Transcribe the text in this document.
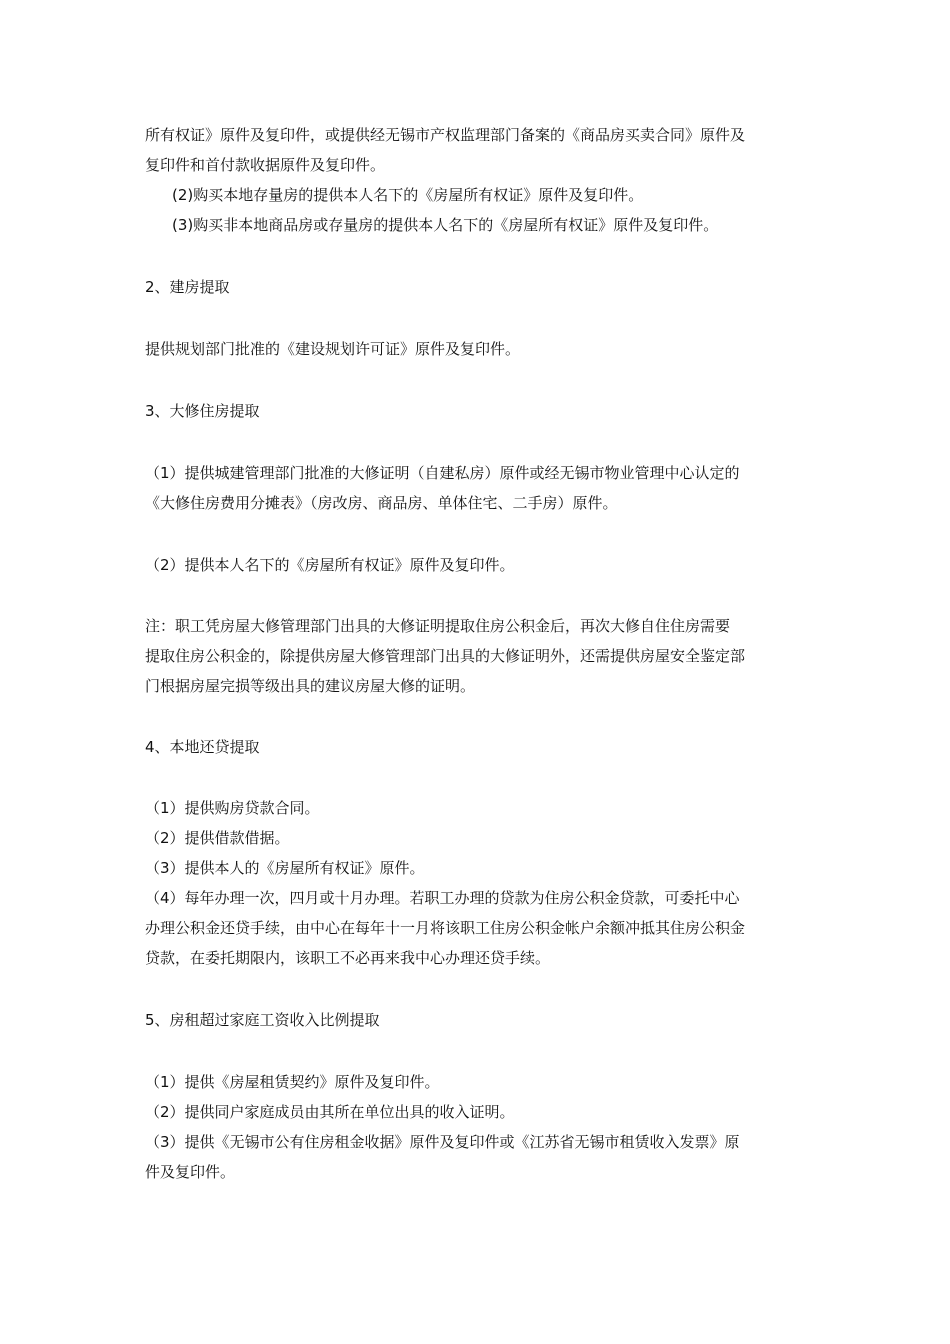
所有权证》原件及复印件，或提供经无锡市产权监理部门备案的《商品房买卖合同》原件及
复印件和首付款收据原件及复印件。
(2)购买本地存量房的提供本人名下的《房屋所有权证》原件及复印件。
(3)购买非本地商品房或存量房的提供本人名下的《房屋所有权证》原件及复印件。
2、建房提取
提供规划部门批准的《建设规划许可证》原件及复印件。
3、大修住房提取
（1）提供城建管理部门批准的大修证明（自建私房）原件或经无锡市物业管理中心认定的
《大修住房费用分摊表》（房改房、商品房、单体住宅、二手房）原件。
（2）提供本人名下的《房屋所有权证》原件及复印件。
注：职工凭房屋大修管理部门出具的大修证明提取住房公积金后，再次大修自住住房需要
提取住房公积金的，除提供房屋大修管理部门出具的大修证明外，还需提供房屋安全鉴定部
门根据房屋完损等级出具的建议房屋大修的证明。
4、本地还贷提取
（1）提供购房贷款合同。
（2）提供借款借据。
（3）提供本人的《房屋所有权证》原件。
（4）每年办理一次，四月或十月办理。若职工办理的贷款为住房公积金贷款，可委托中心
办理公积金还贷手续，由中心在每年十一月将该职工住房公积金帐户余额冲抵其住房公积金
贷款，在委托期限内，该职工不必再来我中心办理还贷手续。
5、房租超过家庭工资收入比例提取
（1）提供《房屋租赁契约》原件及复印件。
（2）提供同户家庭成员由其所在单位出具的收入证明。
（3）提供《无锡市公有住房租金收据》原件及复印件或《江苏省无锡市租赁收入发票》原
件及复印件。
